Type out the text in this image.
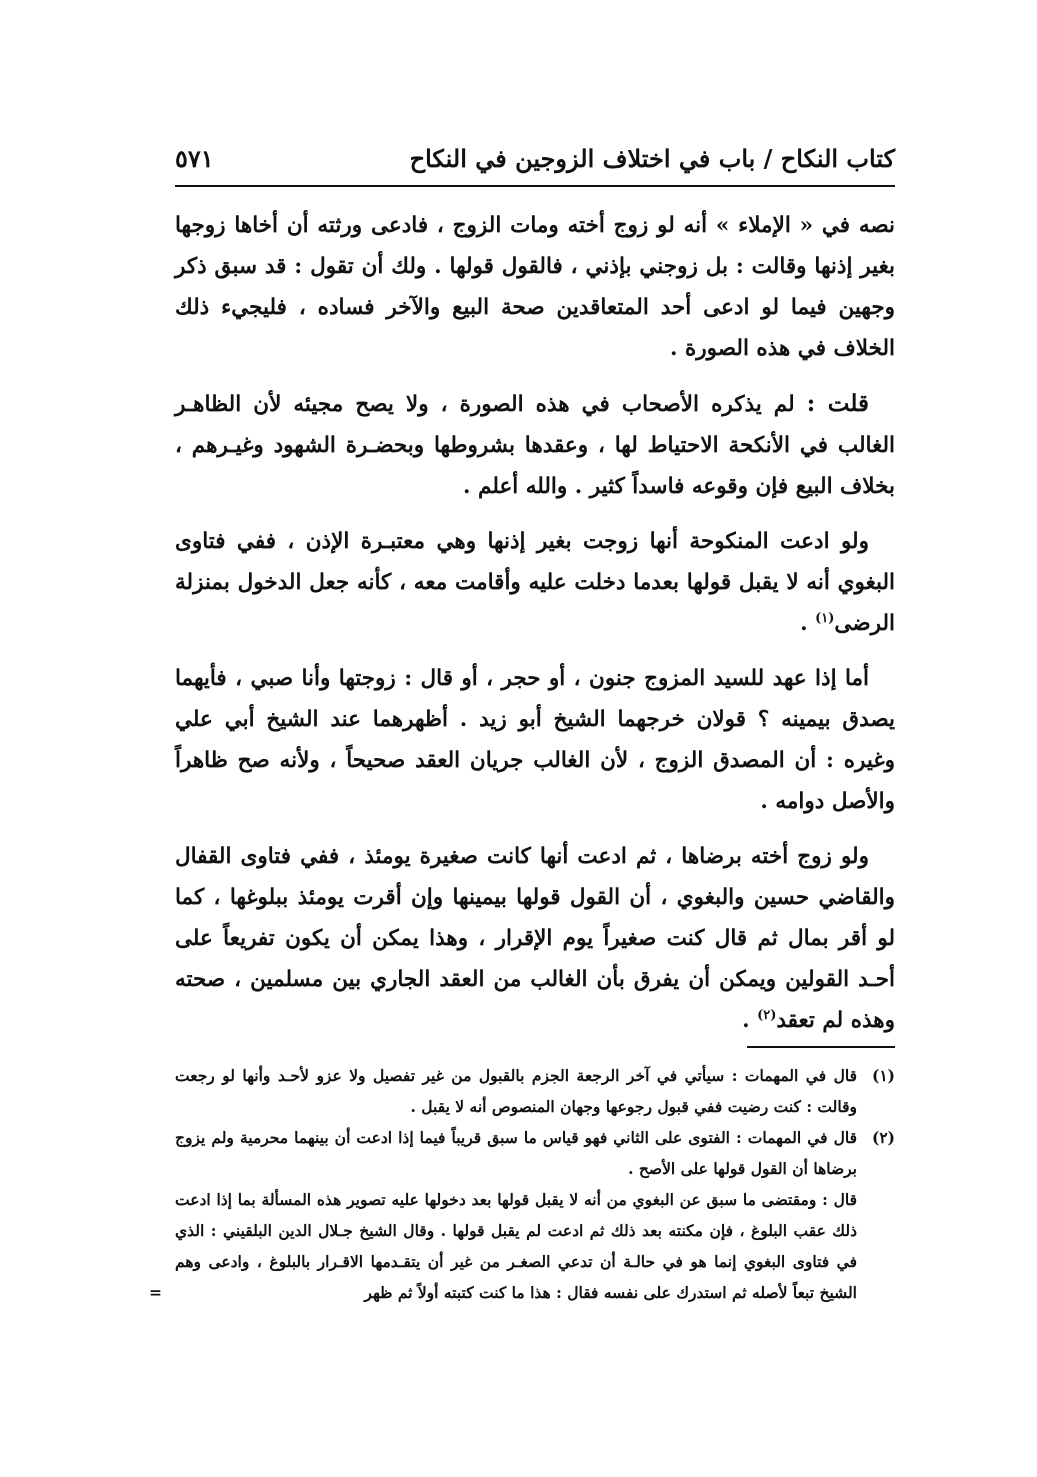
كتاب النكاح / باب في اختلاف الزوجين في النكاح
٥٧١

نصه في « الإملاء » أنه لو زوج أخته ومات الزوج ، فادعى ورثته أن أخاها زوجها بغير إذنها وقالت : بل زوجني بإذني ، فالقول قولها . ولك أن تقول : قد سبق ذكر وجهين فيما لو ادعى أحد المتعاقدين صحة البيع والآخر فساده ، فليجيء ذلك الخلاف في هذه الصورة .

قلت : لم يذكره الأصحاب في هذه الصورة ، ولا يصح مجيئه لأن الظاهـر الغالب في الأنكحة الاحتياط لها ، وعقدها بشروطها وبحضـرة الشهود وغيـرهم ، بخلاف البيع فإن وقوعه فاسداً كثير . والله أعلم .

ولو ادعت المنكوحة أنها زوجت بغير إذنها وهي معتبـرة الإذن ، ففي فتاوى البغوي أنه لا يقبل قولها بعدما دخلت عليه وأقامت معه ، كأنه جعل الدخول بمنزلة الرضى$^{(١)}$ .

أما إذا عهد للسيد المزوج جنون ، أو حجر ، أو قال : زوجتها وأنا صبي ، فأيهما يصدق بيمينه ؟ قولان خرجهما الشيخ أبو زيد . أظهرهما عند الشيخ أبي علي وغيره : أن المصدق الزوج ، لأن الغالب جريان العقد صحيحاً ، ولأنه صح ظاهراً والأصل دوامه .

ولو زوج أخته برضاها ، ثم ادعت أنها كانت صغيرة يومئذ ، ففي فتاوى القفال والقاضي حسين والبغوي ، أن القول قولها بيمينها وإن أقرت يومئذ ببلوغها ، كما لو أقر بمال ثم قال كنت صغيراً يوم الإقرار ، وهذا يمكن أن يكون تفريعاً على أحـد القولين ويمكن أن يفرق بأن الغالب من العقد الجاري بين مسلمين ، صحته وهذه لم تعقد$^{(٢)}$ .

(١)
قال في المهمات : سيأتي في آخر الرجعة الجزم بالقبول من غير تفصيل ولا عزو لأحـد وأنها لو رجعت وقالت : كنت رضيت ففي قبول رجوعها وجهان المنصوص أنه لا يقبل .

(٢)
قال في المهمات : الفتوى على الثاني فهو قياس ما سبق قريباً فيما إذا ادعت أن بينهما محرمية ولم يزوج برضاها أن القول قولها على الأصح .

قال : ومقتضى ما سبق عن البغوي من أنه لا يقبل قولها بعد دخولها عليه تصوير هذه المسألة بما إذا ادعت ذلك عقب البلوغ ، فإن مكنته بعد ذلك ثم ادعت لم يقبل قولها . وقال الشيخ جـلال الدين البلقيني : الذي في فتاوى البغوي إنما هو في حالـة أن تدعي الصغـر من غير أن يتقـدمها الاقـرار بالبلوغ ، وادعى وهم الشيخ تبعاً لأصله ثم استدرك على نفسه فقال : هذا ما كنت كتبته أولاً ثم ظهر
=
